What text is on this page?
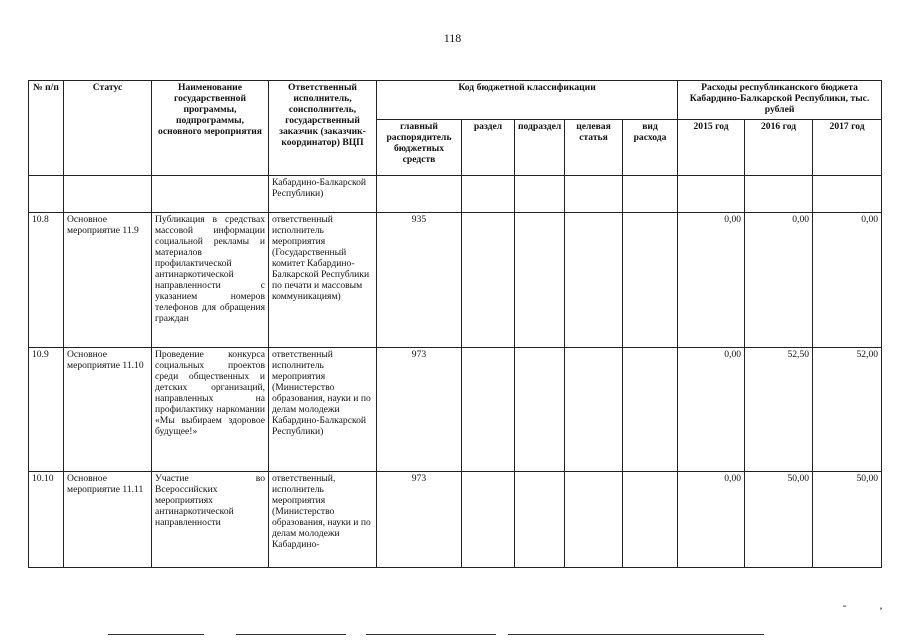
118
№ п/п	Статус	Наименование государственной программы, подпрограммы, основного мероприятия	Ответственный исполнитель, соисполнитель, государственный заказчик (заказчик-координатор) ВЦП	Код бюджетной классификации					Расходы республиканского бюджета Кабардино-Балкарской Республики, тыс. рублей		
				главный распорядитель бюджетных средств	раздел	подраздел	целевая статья	вид расхода	2015 год	2016 год	2017 год
			Кабардино-Балкарской Республики)								
10.8	Основное мероприятие 11.9	Публикация в средствах массовой информации социальной рекламы и материалов профилактической антинаркотической направленности с указанием номеров телефонов для обращения граждан	ответственный исполнитель мероприятия (Государственный комитет Кабардино-Балкарской Республики по печати и массовым коммуникациям)	935					0,00	0,00	0,00
10.9	Основное мероприятие 11.10	Проведение конкурса социальных проектов среди общественных и детских организаций, направленных на профилактику наркомании «Мы выбираем здоровое будущее!»	ответственный исполнитель мероприятия (Министерство образования, науки и по делам молодежи Кабардино-Балкарской Республики)	973					0,00	52,50	52,00
10.10	Основное мероприятие 11.11	Участие во Всероссийских мероприятиях антинаркотической направленности	ответственный, исполнитель мероприятия (Министерство образования, науки и по делам молодежи Кабардино-	973					0,00	50,00	50,00
˗	,
